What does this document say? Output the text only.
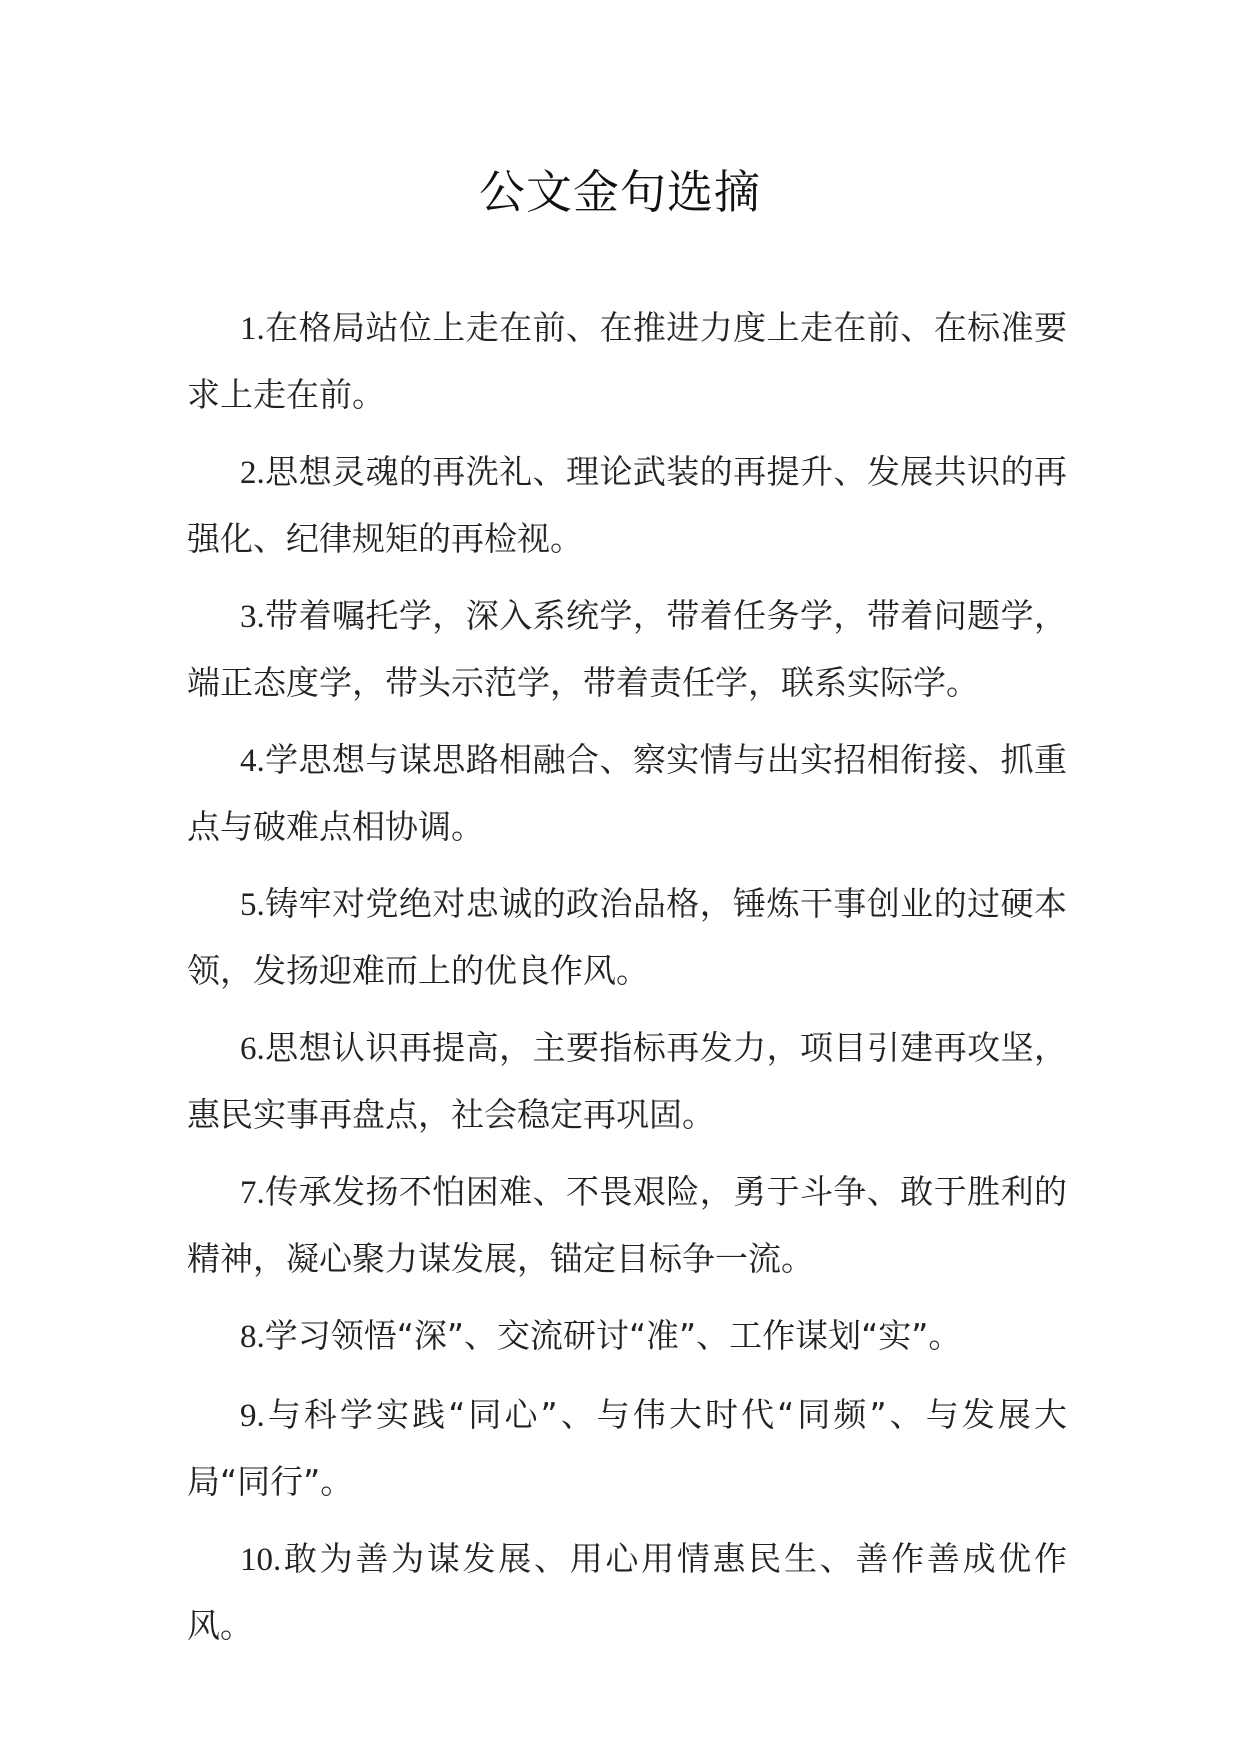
公文金句选摘

1.在格局站位上走在前、在推进力度上走在前、在标准要求上走在前。

2.思想灵魂的再洗礼、理论武装的再提升、发展共识的再强化、纪律规矩的再检视。

3.带着嘱托学，深入系统学，带着任务学，带着问题学，端正态度学，带头示范学，带着责任学，联系实际学。

4.学思想与谋思路相融合、察实情与出实招相衔接、抓重点与破难点相协调。

5.铸牢对党绝对忠诚的政治品格，锤炼干事创业的过硬本领，发扬迎难而上的优良作风。

6.思想认识再提高，主要指标再发力，项目引建再攻坚，惠民实事再盘点，社会稳定再巩固。

7.传承发扬不怕困难、不畏艰险，勇于斗争、敢于胜利的精神，凝心聚力谋发展，锚定目标争一流。

8.学习领悟“深”、交流研讨“准”、工作谋划“实”。

9.与科学实践“同心”、与伟大时代“同频”、与发展大局“同行”。

10.敢为善为谋发展、用心用情惠民生、善作善成优作风。
